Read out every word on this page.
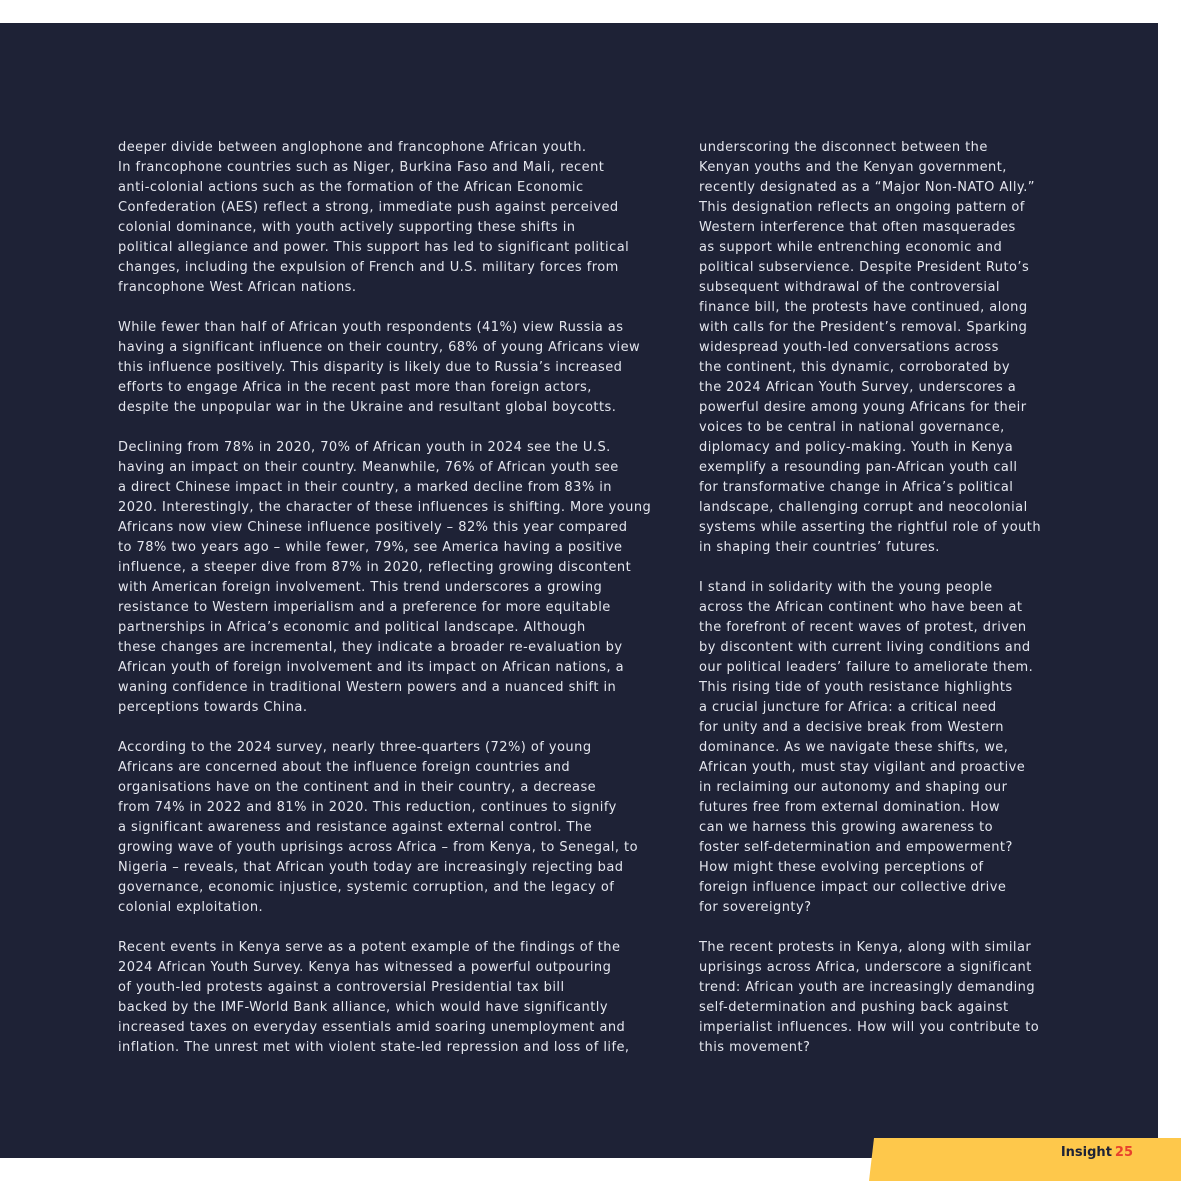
deeper divide between anglophone and francophone African youth.
In francophone countries such as Niger, Burkina Faso and Mali, recent
anti-colonial actions such as the formation of the African Economic
Confederation (AES) reflect a strong, immediate push against perceived
colonial dominance, with youth actively supporting these shifts in
political allegiance and power. This support has led to significant political
changes, including the expulsion of French and U.S. military forces from
francophone West African nations.

While fewer than half of African youth respondents (41%) view Russia as
having a significant influence on their country, 68% of young Africans view
this influence positively. This disparity is likely due to Russia’s increased
efforts to engage Africa in the recent past more than foreign actors,
despite the unpopular war in the Ukraine and resultant global boycotts.

Declining from 78% in 2020, 70% of African youth in 2024 see the U.S.
having an impact on their country. Meanwhile, 76% of African youth see
a direct Chinese impact in their country, a marked decline from 83% in
2020. Interestingly, the character of these influences is shifting. More young
Africans now view Chinese influence positively – 82% this year compared
to 78% two years ago – while fewer, 79%, see America having a positive
influence, a steeper dive from 87% in 2020, reflecting growing discontent
with American foreign involvement. This trend underscores a growing
resistance to Western imperialism and a preference for more equitable
partnerships in Africa’s economic and political landscape. Although
these changes are incremental, they indicate a broader re-evaluation by
African youth of foreign involvement and its impact on African nations, a
waning confidence in traditional Western powers and a nuanced shift in
perceptions towards China.

According to the 2024 survey, nearly three-quarters (72%) of young
Africans are concerned about the influence foreign countries and
organisations have on the continent and in their country, a decrease
from 74% in 2022 and 81% in 2020. This reduction, continues to signify
a significant awareness and resistance against external control. The
growing wave of youth uprisings across Africa – from Kenya, to Senegal, to
Nigeria – reveals, that African youth today are increasingly rejecting bad
governance, economic injustice, systemic corruption, and the legacy of
colonial exploitation.

Recent events in Kenya serve as a potent example of the findings of the
2024 African Youth Survey. Kenya has witnessed a powerful outpouring
of youth-led protests against a controversial Presidential tax bill
backed by the IMF-World Bank alliance, which would have significantly
increased taxes on everyday essentials amid soaring unemployment and
inflation. The unrest met with violent state-led repression and loss of life,

underscoring the disconnect between the
Kenyan youths and the Kenyan government,
recently designated as a “Major Non-NATO Ally.”
This designation reflects an ongoing pattern of
Western interference that often masquerades
as support while entrenching economic and
political subservience. Despite President Ruto’s
subsequent withdrawal of the controversial
finance bill, the protests have continued, along
with calls for the President’s removal. Sparking
widespread youth-led conversations across
the continent, this dynamic, corroborated by
the 2024 African Youth Survey, underscores a
powerful desire among young Africans for their
voices to be central in national governance,
diplomacy and policy-making. Youth in Kenya
exemplify a resounding pan-African youth call
for transformative change in Africa’s political
landscape, challenging corrupt and neocolonial
systems while asserting the rightful role of youth
in shaping their countries’ futures.

I stand in solidarity with the young people
across the African continent who have been at
the forefront of recent waves of protest, driven
by discontent with current living conditions and
our political leaders’ failure to ameliorate them.
This rising tide of youth resistance highlights
a crucial juncture for Africa: a critical need
for unity and a decisive break from Western
dominance. As we navigate these shifts, we,
African youth, must stay vigilant and proactive
in reclaiming our autonomy and shaping our
futures free from external domination. How
can we harness this growing awareness to
foster self-determination and empowerment?
How might these evolving perceptions of
foreign influence impact our collective drive
for sovereignty?

The recent protests in Kenya, along with similar
uprisings across Africa, underscore a significant
trend: African youth are increasingly demanding
self-determination and pushing back against
imperialist influences. How will you contribute to
this movement?

Insight 25
